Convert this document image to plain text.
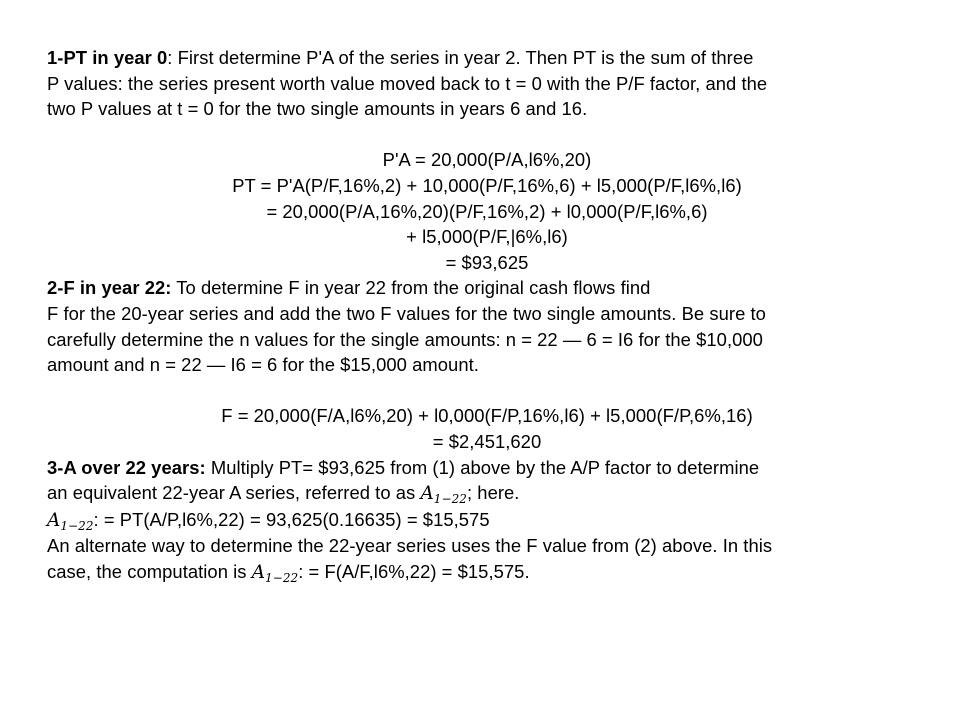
1-PT in year 0: First determine P'A of the series in year 2. Then PT is the sum of three
P values: the series present worth value moved back to t = 0 with the P/F factor, and the
two P values at t = 0 for the two single amounts in years 6 and 16.
P'A = 20,000(P/A,l6%,20)
PT = P'A(P/F,16%,2) + 10,000(P/F,16%,6) + l5,000(P/F,l6%,l6)
= 20,000(P/A,16%,20)(P/F,16%,2) + l0,000(P/F,l6%,6)
+ l5,000(P/F,|6%,l6)
= $93,625
2-F in year 22: To determine F in year 22 from the original cash flows find
F for the 20-year series and add the two F values for the two single amounts. Be sure to
carefully determine the n values for the single amounts: n = 22 — 6 = I6 for the $10,000
amount and n = 22 — I6 = 6 for the $15,000 amount.
F = 20,000(F/A,l6%,20) + l0,000(F/P,16%,l6) + l5,000(F/P,6%,16)
= $2,451,620
3-A over 22 years: Multiply PT= $93,625 from (1) above by the A/P factor to determine
an equivalent 22-year A series, referred to as $A_{1-22}$; here.
$A_{1-22}$: = PT(A/P,l6%,22) = 93,625(0.16635) = $15,575
An alternate way to determine the 22-year series uses the F value from (2) above. In this
case, the computation is $A_{1-22}$: = F(A/F,l6%,22) = $15,575.
